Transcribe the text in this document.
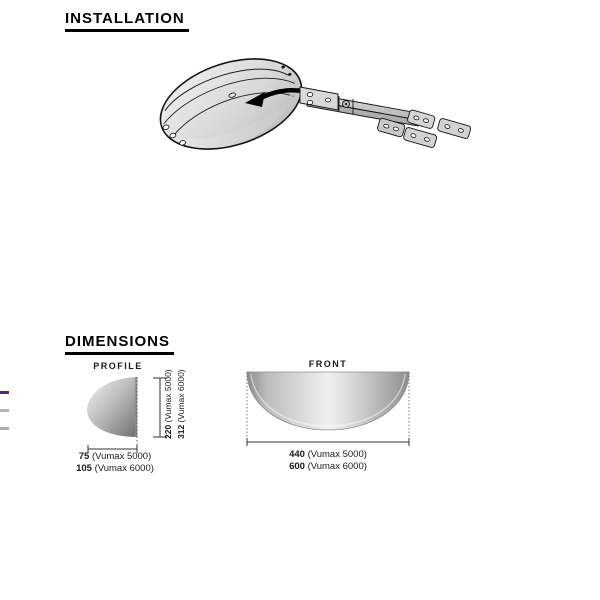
INSTALLATION
DIMENSIONS
PROFILE
220 (Vumax 5000)
312 (Vumax 6000)
75 (Vumax 5000)
105 (Vumax 6000)
FRONT
440 (Vumax 5000)
600 (Vumax 6000)
